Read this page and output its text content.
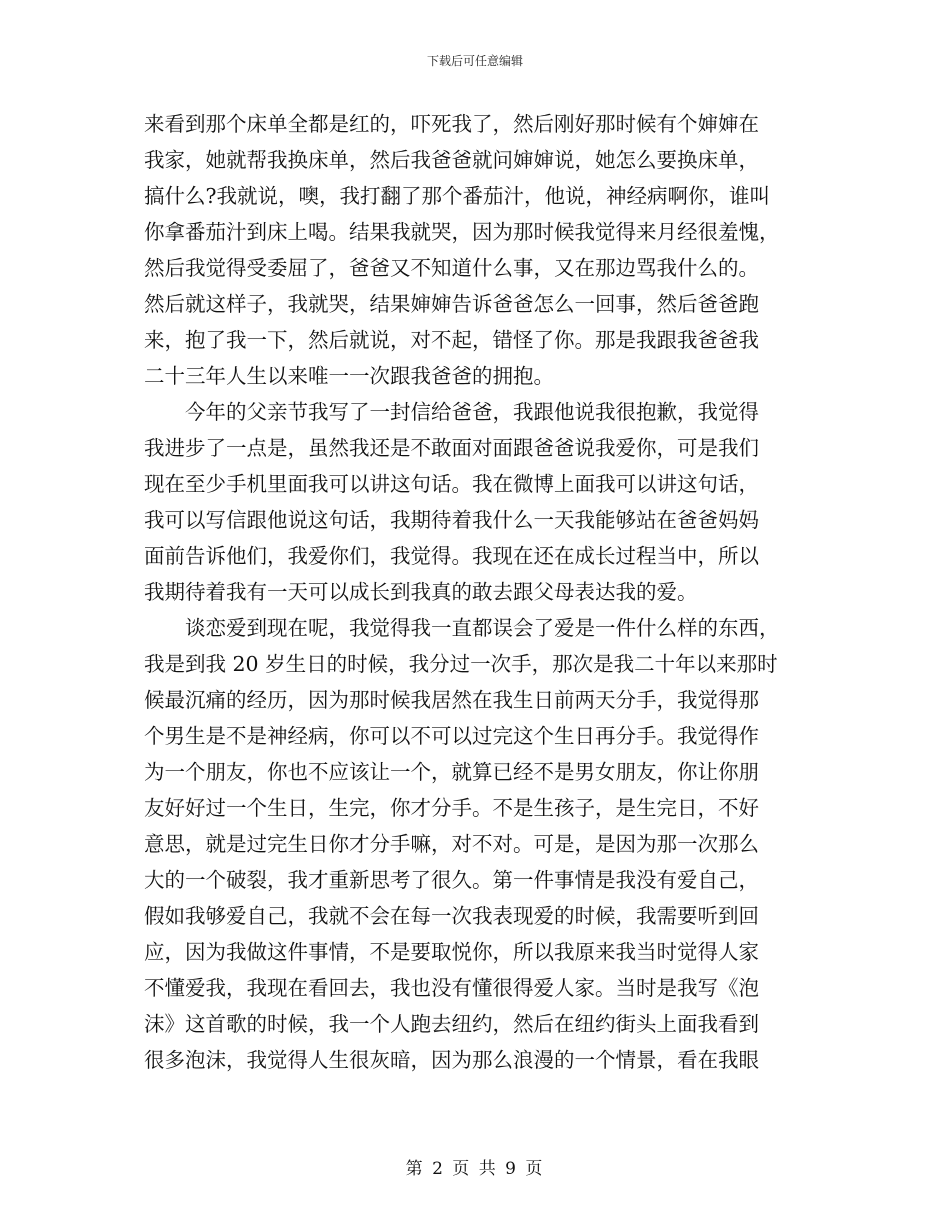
下载后可任意编辑
来看到那个床单全都是红的，吓死我了，然后刚好那时候有个婶婶在
我家，她就帮我换床单，然后我爸爸就问婶婶说，她怎么要换床单，
搞什么?我就说，噢，我打翻了那个番茄汁，他说，神经病啊你，谁叫
你拿番茄汁到床上喝。结果我就哭，因为那时候我觉得来月经很羞愧，
然后我觉得受委屈了，爸爸又不知道什么事，又在那边骂我什么的。
然后就这样子，我就哭，结果婶婶告诉爸爸怎么一回事，然后爸爸跑
来，抱了我一下，然后就说，对不起，错怪了你。那是我跟我爸爸我
二十三年人生以来唯一一次跟我爸爸的拥抱。
今年的父亲节我写了一封信给爸爸，我跟他说我很抱歉，我觉得
我进步了一点是，虽然我还是不敢面对面跟爸爸说我爱你，可是我们
现在至少手机里面我可以讲这句话。我在微博上面我可以讲这句话，
我可以写信跟他说这句话，我期待着我什么一天我能够站在爸爸妈妈
面前告诉他们，我爱你们，我觉得。我现在还在成长过程当中，所以
我期待着我有一天可以成长到我真的敢去跟父母表达我的爱。
谈恋爱到现在呢，我觉得我一直都误会了爱是一件什么样的东西，
我是到我 20 岁生日的时候，我分过一次手，那次是我二十年以来那时
候最沉痛的经历，因为那时候我居然在我生日前两天分手，我觉得那
个男生是不是神经病，你可以不可以过完这个生日再分手。我觉得作
为一个朋友，你也不应该让一个，就算已经不是男女朋友，你让你朋
友好好过一个生日，生完，你才分手。不是生孩子，是生完日，不好
意思，就是过完生日你才分手嘛，对不对。可是，是因为那一次那么
大的一个破裂，我才重新思考了很久。第一件事情是我没有爱自己，
假如我够爱自己，我就不会在每一次我表现爱的时候，我需要听到回
应，因为我做这件事情，不是要取悦你，所以我原来我当时觉得人家
不懂爱我，我现在看回去，我也没有懂很得爱人家。当时是我写《泡
沫》这首歌的时候，我一个人跑去纽约，然后在纽约街头上面我看到
很多泡沫，我觉得人生很灰暗，因为那么浪漫的一个情景，看在我眼
第 2 页 共 9 页
